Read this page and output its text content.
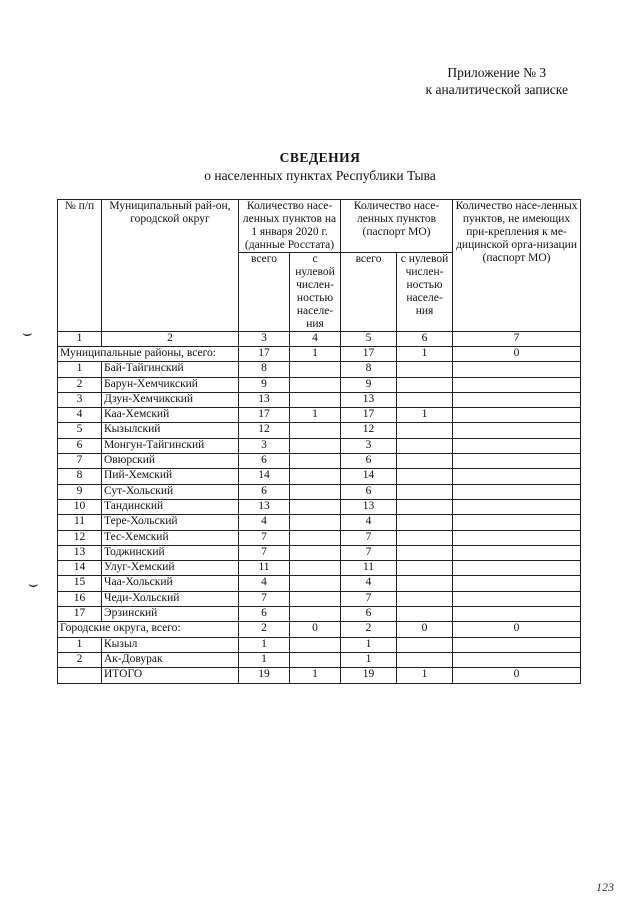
Приложение № 3
к аналитической записке
СВЕДЕНИЯ
о населенных пунктах Республики Тыва
№ п/п	Муниципальный рай-он, городской округ	Количество насе-ленных пунктов на 1 января 2020 г. (данные Росстата)		Количество насе-ленных пунктов (паспорт МО)		Количество насе-ленных пунктов, не имеющих при-крепления к ме-дицинской орга-низации (паспорт МО)
		всего	с нулевой числен-ностью населе-ния	всего	с нулевой числен-ностью населе-ния	
1	2	3	4	5	6	7
Муниципальные районы, всего:		17	1	17	1	0
1	Бай-Тайгинский	8		8		
2	Барун-Хемчикский	9		9		
3	Дзун-Хемчикский	13		13		
4	Каа-Хемский	17	1	17	1	
5	Кызылский	12		12		
6	Монгун-Тайгинский	3		3		
7	Овюрский	6		6		
8	Пий-Хемский	14		14		
9	Сут-Хольский	6		6		
10	Тандинский	13		13		
11	Тере-Хольский	4		4		
12	Тес-Хемский	7		7		
13	Тоджинский	7		7		
14	Улуг-Хемский	11		11		
15	Чаа-Хольский	4		4		
16	Чеди-Хольский	7		7		
17	Эрзинский	6		6		
Городские округа, всего:		2	0	2	0	0
1	Кызыл	1		1		
2	Ак-Довурак	1		1		
	ИТОГО	19	1	19	1	0
⌣
⌣
123
